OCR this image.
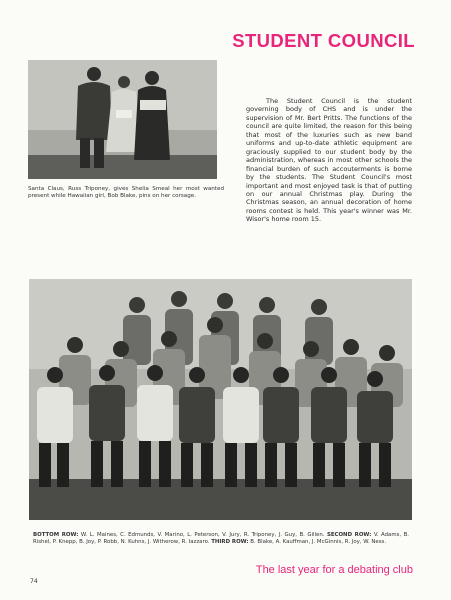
STUDENT COUNCIL
Santa Claus, Russ Triponey, gives Shelia Smeal her most wanted present while Hawaiian girl, Bob Blake, pins on her corsage.
The Student Council is the student governing body of CHS and is under the supervision of Mr. Bert Pritts. The functions of the council are quite limited, the reason for this being that most of the luxuries such as new band uniforms and up-to-date athletic equipment are graciously supplied to our student body by the administration, whereas in most other schools the financial burden of such accouterments is borne by the students. The Student Council's most important and most enjoyed task is that of putting on our annual Christmas play. During the Christmas season, an annual decoration of home rooms contest is held. This year's winner was Mr. Wisor's home room 15.
BOTTOM ROW: W. L. Maines, C. Edmunds, V. Marino, L. Peterson, V. Jury, R. Triponey, J. Guy, B. Gillen. SECOND ROW: V. Adams, B. Rishel, P. Knepp, B. Joy, P. Robb, N. Kuhns, J. Witherow, R. Iazzaro. THIRD ROW: B. Blake, A. Kauffman, J. McGinnis, R. Joy, W. Ness.
The last year for a debating club
74
